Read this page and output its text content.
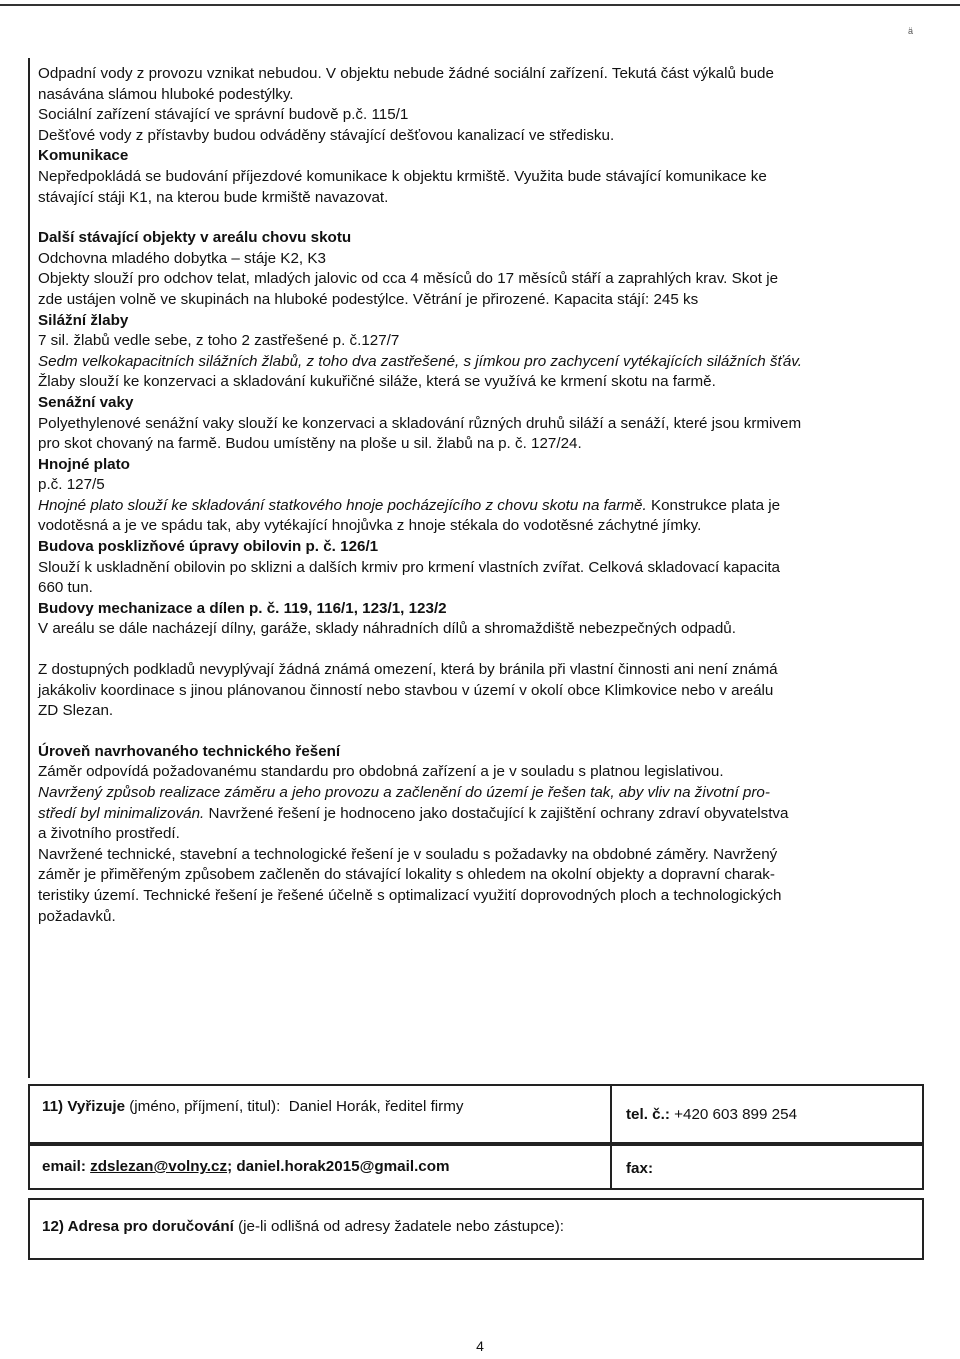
ä

Odpadní vody z provozu vznikat nebudou. V objektu nebude žádné sociální zařízení. Tekutá část výkalů bude

nasávána slámou hluboké podestýlky.

Sociální zařízení stávající ve správní budově p.č. 115/1

Dešťové vody z přístavby budou odváděny stávající dešťovou kanalizací ve středisku.

Komunikace

Nepředpokládá se budování příjezdové komunikace k objektu krmiště. Využita bude stávající komunikace ke

stávající stáji K1, na kterou bude krmiště navazovat.

Další stávající objekty v areálu chovu skotu

Odchovna mladého dobytka – stáje K2, K3

Objekty slouží pro odchov telat, mladých jalovic od cca 4 měsíců do 17 měsíců stáří a zaprahlých krav. Skot je

zde ustájen volně ve skupinách na hluboké podestýlce. Větrání je přirozené. Kapacita stájí: 245 ks

Silážní žlaby

7 sil. žlabů vedle sebe, z toho 2 zastřešené p. č.127/7

Sedm velkokapacitních silážních žlabů, z toho dva zastřešené, s jímkou pro zachycení vytékajících silážních šťáv.

Žlaby slouží ke konzervaci a skladování kukuřičné siláže, která se využívá ke krmení skotu na farmě.

Senážní vaky

Polyethylenové senážní vaky slouží ke konzervaci a skladování různých druhů siláží a senáží, které jsou krmivem

pro skot chovaný na farmě. Budou umístěny na ploše u sil. žlabů na p. č. 127/24.

Hnojné plato

p.č. 127/5

Hnojné plato slouží ke skladování statkového hnoje pocházejícího z chovu skotu na farmě. Konstrukce plata je

vodotěsná a je ve spádu tak, aby vytékající hnojůvka z hnoje stékala do vodotěsné záchytné jímky.

Budova posklizňové úpravy obilovin p. č. 126/1

Slouží k uskladnění obilovin po sklizni a dalších krmiv pro krmení vlastních zvířat. Celková skladovací kapacita

660 tun.

Budovy mechanizace a dílen p. č. 119, 116/1, 123/1, 123/2

V areálu se dále nacházejí dílny, garáže, sklady náhradních dílů a shromaždiště nebezpečných odpadů.

Z dostupných podkladů nevyplývají žádná známá omezení, která by bránila při vlastní činnosti ani není známá

jakákoliv koordinace s jinou plánovanou činností nebo stavbou v území v okolí obce Klimkovice nebo v areálu

ZD Slezan.

Úroveň navrhovaného technického řešení

Záměr odpovídá požadovanému standardu pro obdobná zařízení a je v souladu s platnou legislativou.

Navržený způsob realizace záměru a jeho provozu a začlenění do území je řešen tak, aby vliv na životní pro-

středí byl minimalizován. Navržené řešení je hodnoceno jako dostačující k zajištění ochrany zdraví obyvatelstva

a životního prostředí.

Navržené technické, stavební a technologické řešení je v souladu s požadavky na obdobné záměry. Navržený

záměr je přiměřeným způsobem začleněn do stávající lokality s ohledem na okolní objekty a dopravní charak-

teristiky území. Technické řešení je řešené účelně s optimalizací využití doprovodných ploch a technologických

požadavků.

11) Vyřizuje (jméno, příjmení, titul): Daniel Horák, ředitel firmy	tel. č.: +420 603 899 254
email: zdslezan@volny.cz; daniel.horak2015@gmail.com	fax:
12) Adresa pro doručování (je-li odlišná od adresy žadatele nebo zástupce):
4
